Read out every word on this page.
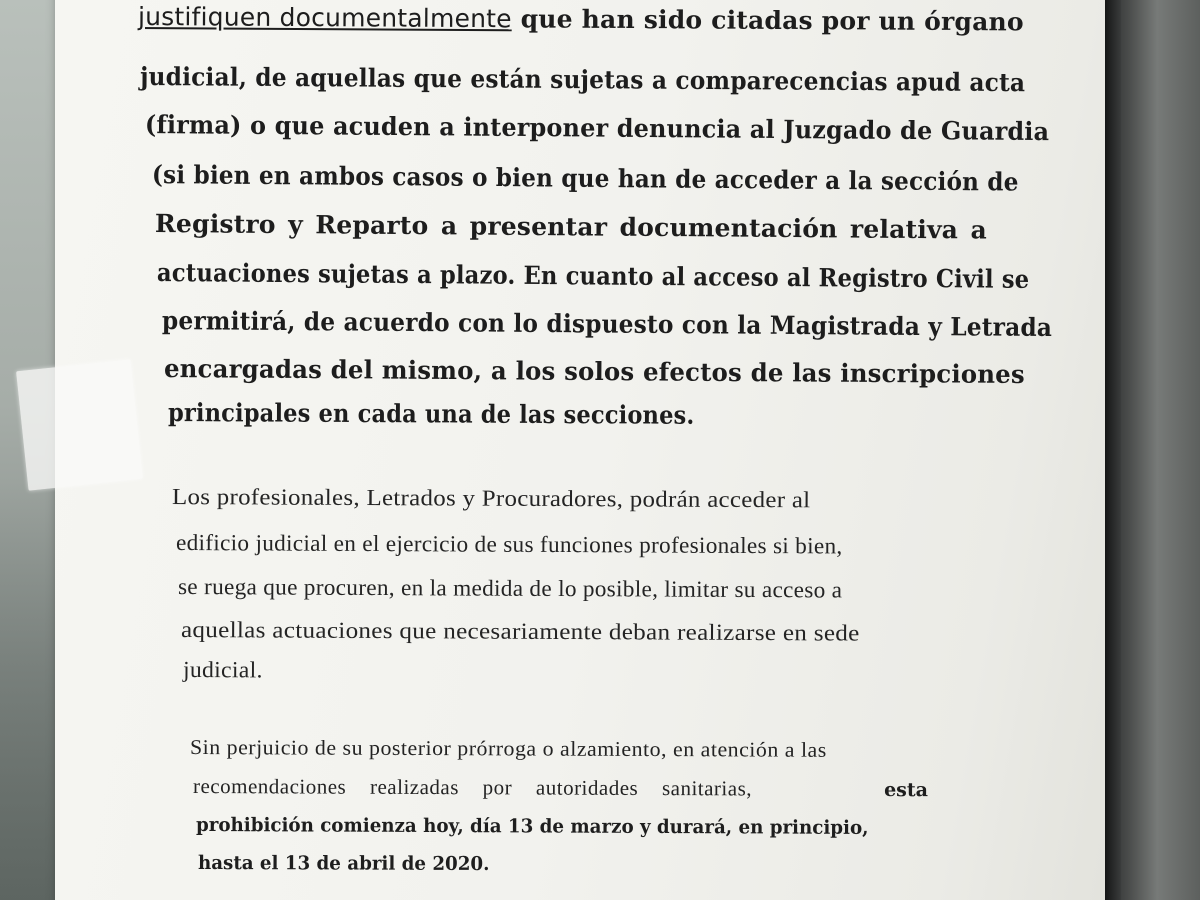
justifiquen documentalmente que han sido citadas por un órgano
judicial, de aquellas que están sujetas a comparecencias apud acta
(firma) o que acuden a interponer denuncia al Juzgado de Guardia
(si bien en ambos casos o bien que han de acceder a la sección de
Registro y Reparto a presentar documentación relativa a
actuaciones sujetas a plazo. En cuanto al acceso al Registro Civil se
permitirá, de acuerdo con lo dispuesto con la Magistrada y Letrada
encargadas del mismo, a los solos efectos de las inscripciones
principales en cada una de las secciones.
Los profesionales, Letrados y Procuradores, podrán acceder al
edificio judicial en el ejercicio de sus funciones profesionales si bien,
se ruega que procuren, en la medida de lo posible, limitar su acceso a
aquellas actuaciones que necesariamente deban realizarse en sede
judicial.
Sin perjuicio de su posterior prórroga o alzamiento, en atención a las
recomendaciones realizadas por autoridades sanitarias,	esta
prohibición comienza hoy, día 13 de marzo y durará, en principio,
hasta el 13 de abril de 2020.
